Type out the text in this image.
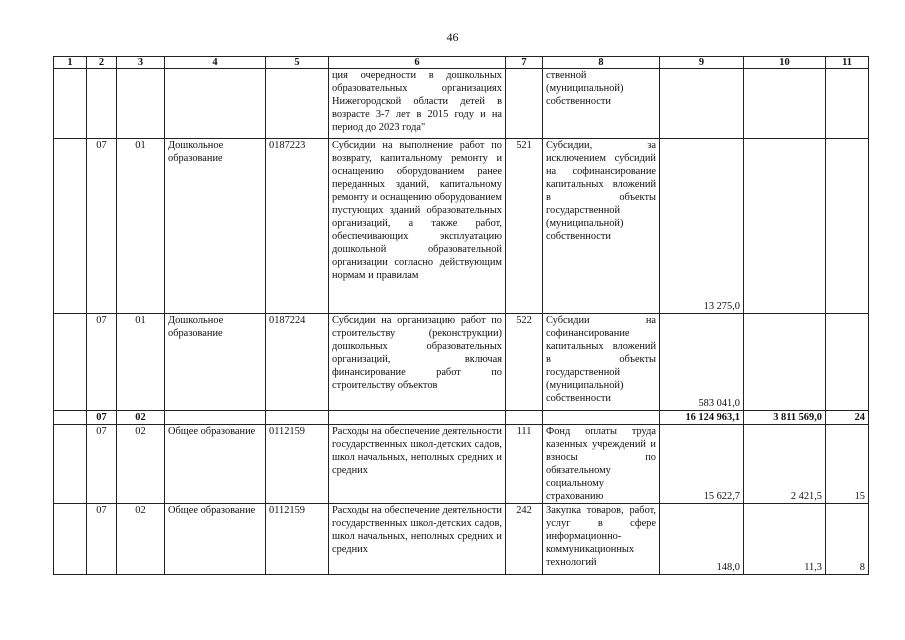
46
1	2	3	4	5	6	7	8	9	10	11
					ция очередности в дошкольных образовательных организациях Нижегородской области детей в возрасте 3-7 лет в 2015 году и на период до 2023 года"		ственной (муниципальной) собственности			
	07	01	Дошкольное образование	0187223	Субсидии на выполнение работ по возврату, капитальному ремонту и оснащению оборудованием ранее переданных зданий, капитальному ремонту и оснащению оборудованием пустующих зданий образовательных организаций, а также работ, обеспечивающих эксплуатацию дошкольной образовательной организации согласно действующим нормам и правилам	521	Субсидии, за исключением субсидий на софинансирование капитальных вложений в объекты государственной (муниципальной) собственности	13 275,0		
	07	01	Дошкольное образование	0187224	Субсидии на организацию работ по строительству (реконструкции) дошкольных образовательных организаций, включая финансирование работ по строительству объектов	522	Субсидии на софинансирование капитальных вложений в объекты государственной (муниципальной) собственности	583 041,0		
	07	02						16 124 963,1	3 811 569,0	24
	07	02	Общее образование	0112159	Расходы на обеспечение деятельности государственных школ-детских садов, школ начальных, неполных средних и средних	111	Фонд оплаты труда казенных учреждений и взносы по обязательному социальному страхованию	15 622,7	2 421,5	15
	07	02	Общее образование	0112159	Расходы на обеспечение деятельности государственных школ-детских садов, школ начальных, неполных средних и средних	242	Закупка товаров, работ, услуг в сфере информационно-коммуникационных технологий	148,0	11,3	8
